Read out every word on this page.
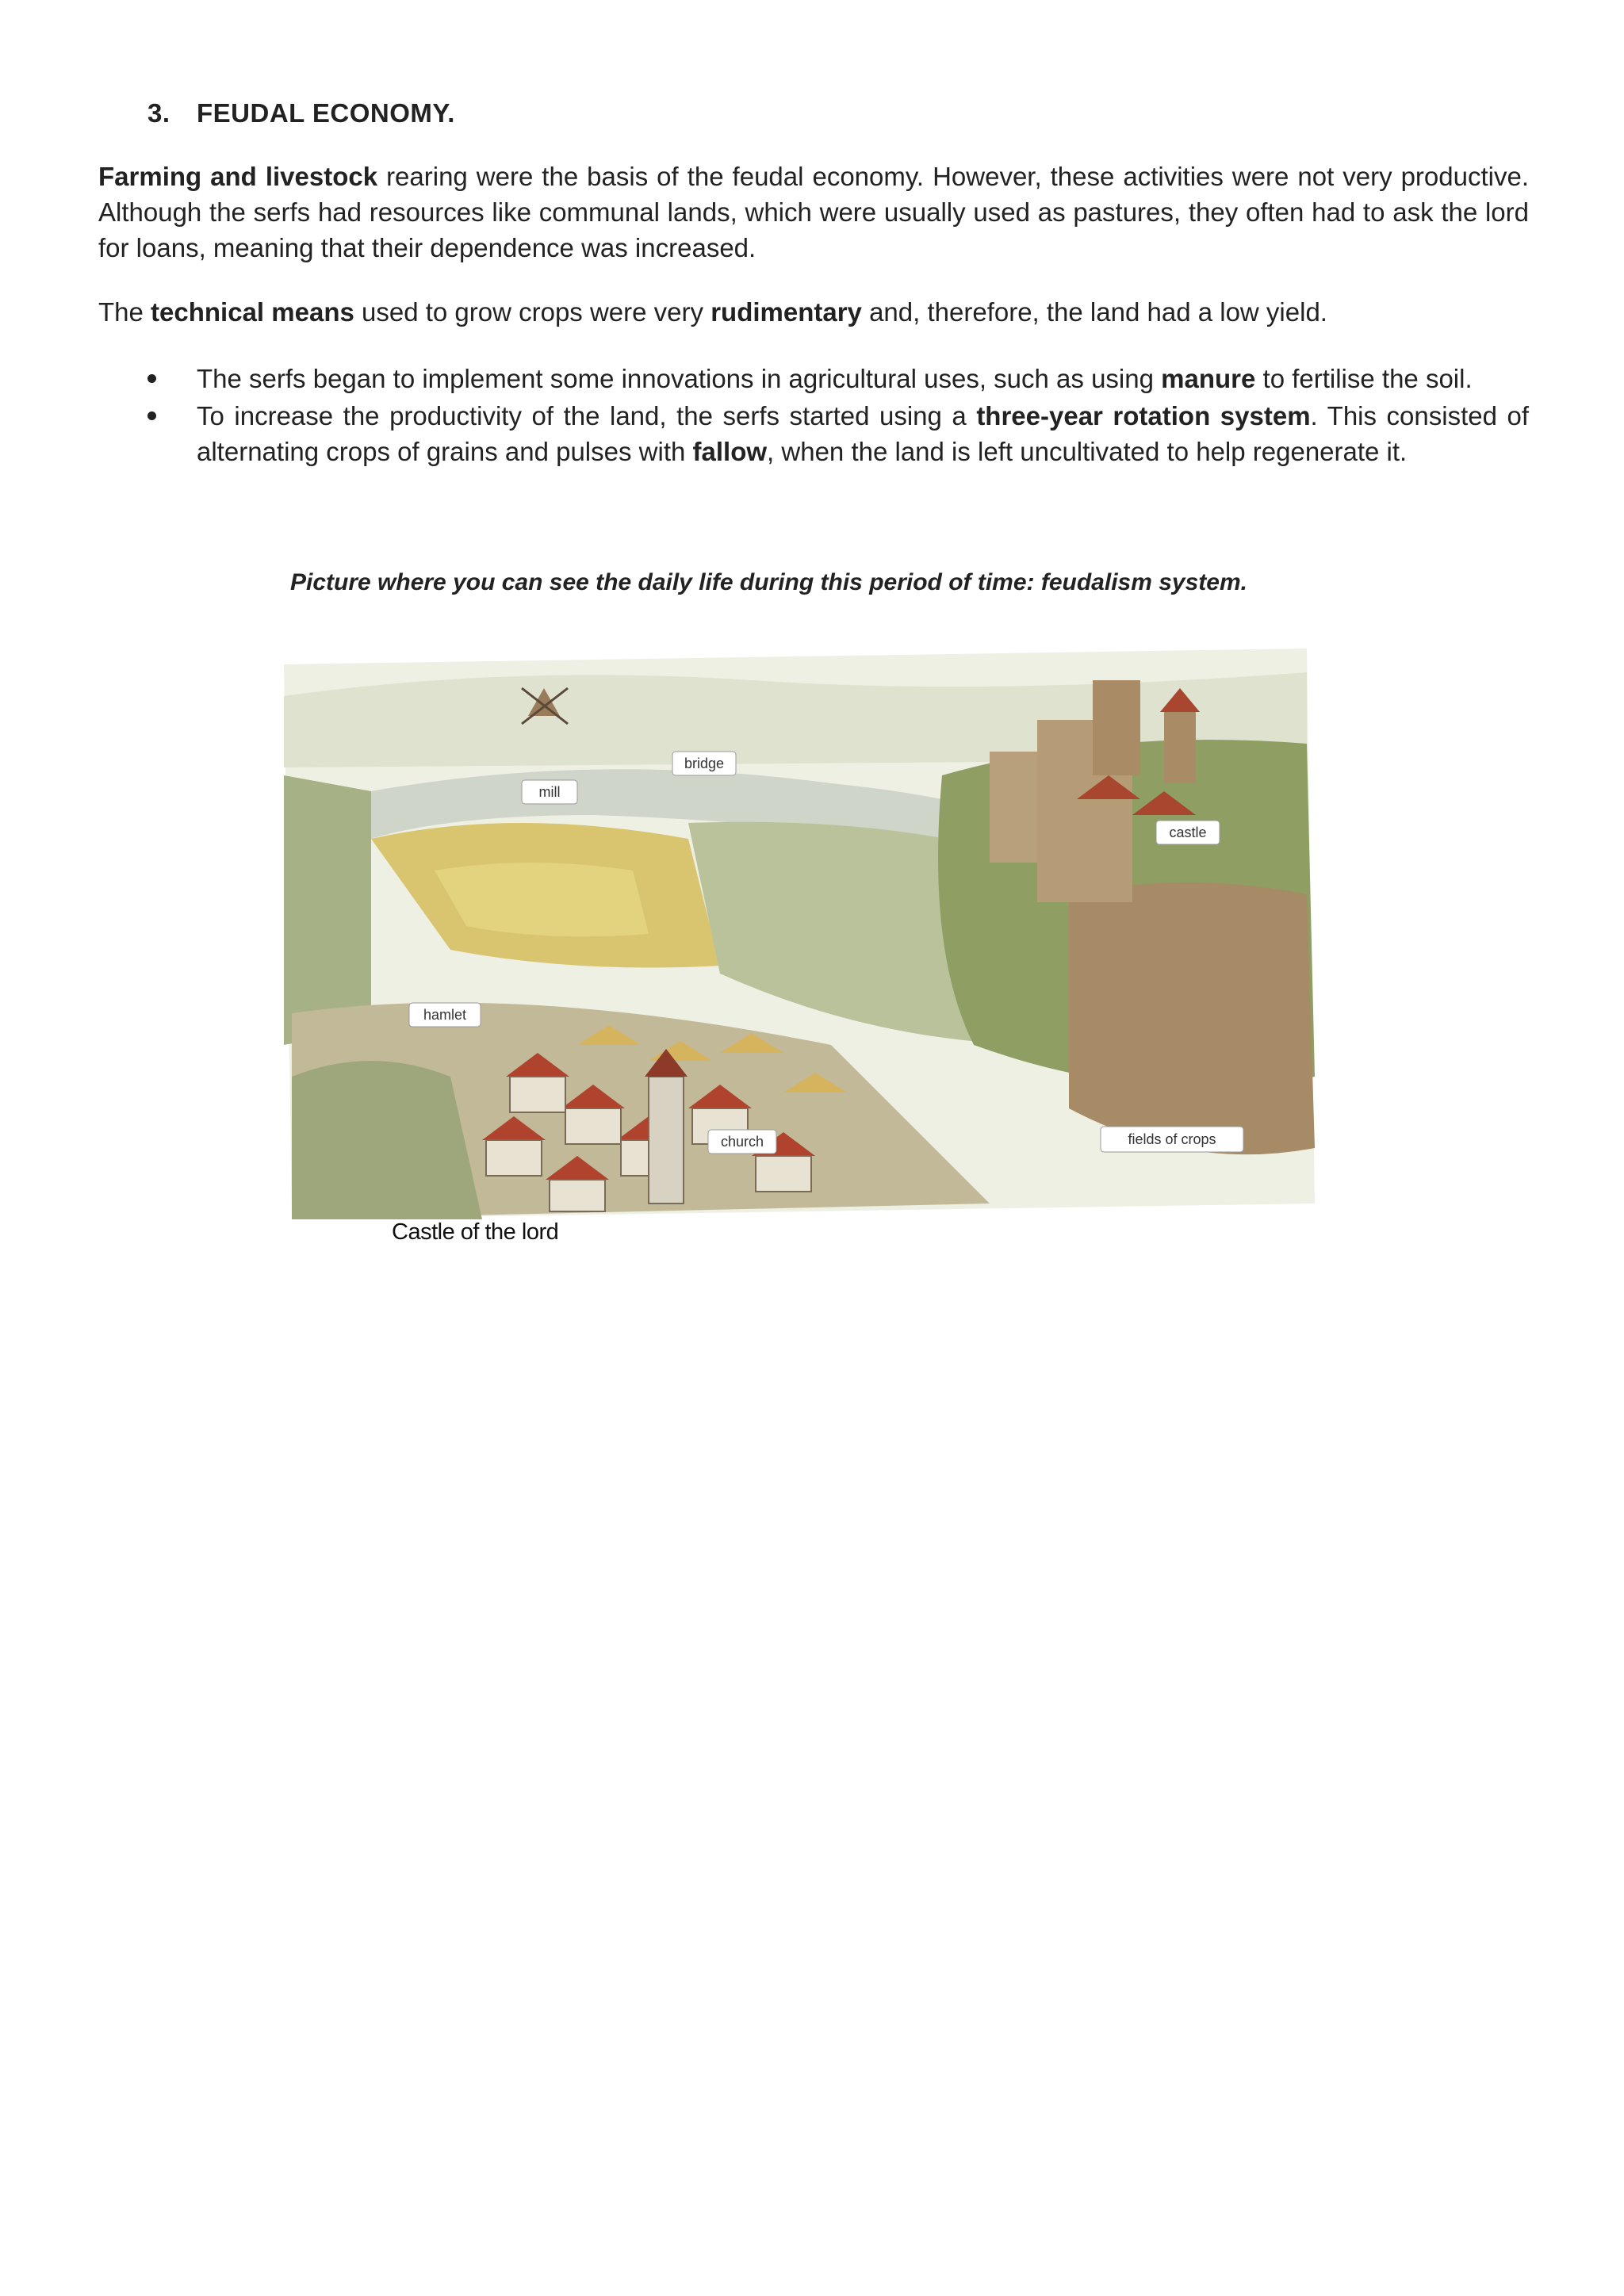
3. FEUDAL ECONOMY.
Farming and livestock rearing were the basis of the feudal economy. However, these activities were not very productive. Although the serfs had resources like communal lands, which were usually used as pastures, they often had to ask the lord for loans, meaning that their dependence was increased.
The technical means used to grow crops were very rudimentary and, therefore, the land had a low yield.
The serfs began to implement some innovations in agricultural uses, such as using manure to fertilise the soil.
To increase the productivity of the land, the serfs started using a three-year rotation system. This consisted of alternating crops of grains and pulses with fallow, when the land is left uncultivated to help regenerate it.
Picture where you can see the daily life during this period of time: feudalism system.
bridge
mill
castle
hamlet
church	fields of crops
Castle of the lord
